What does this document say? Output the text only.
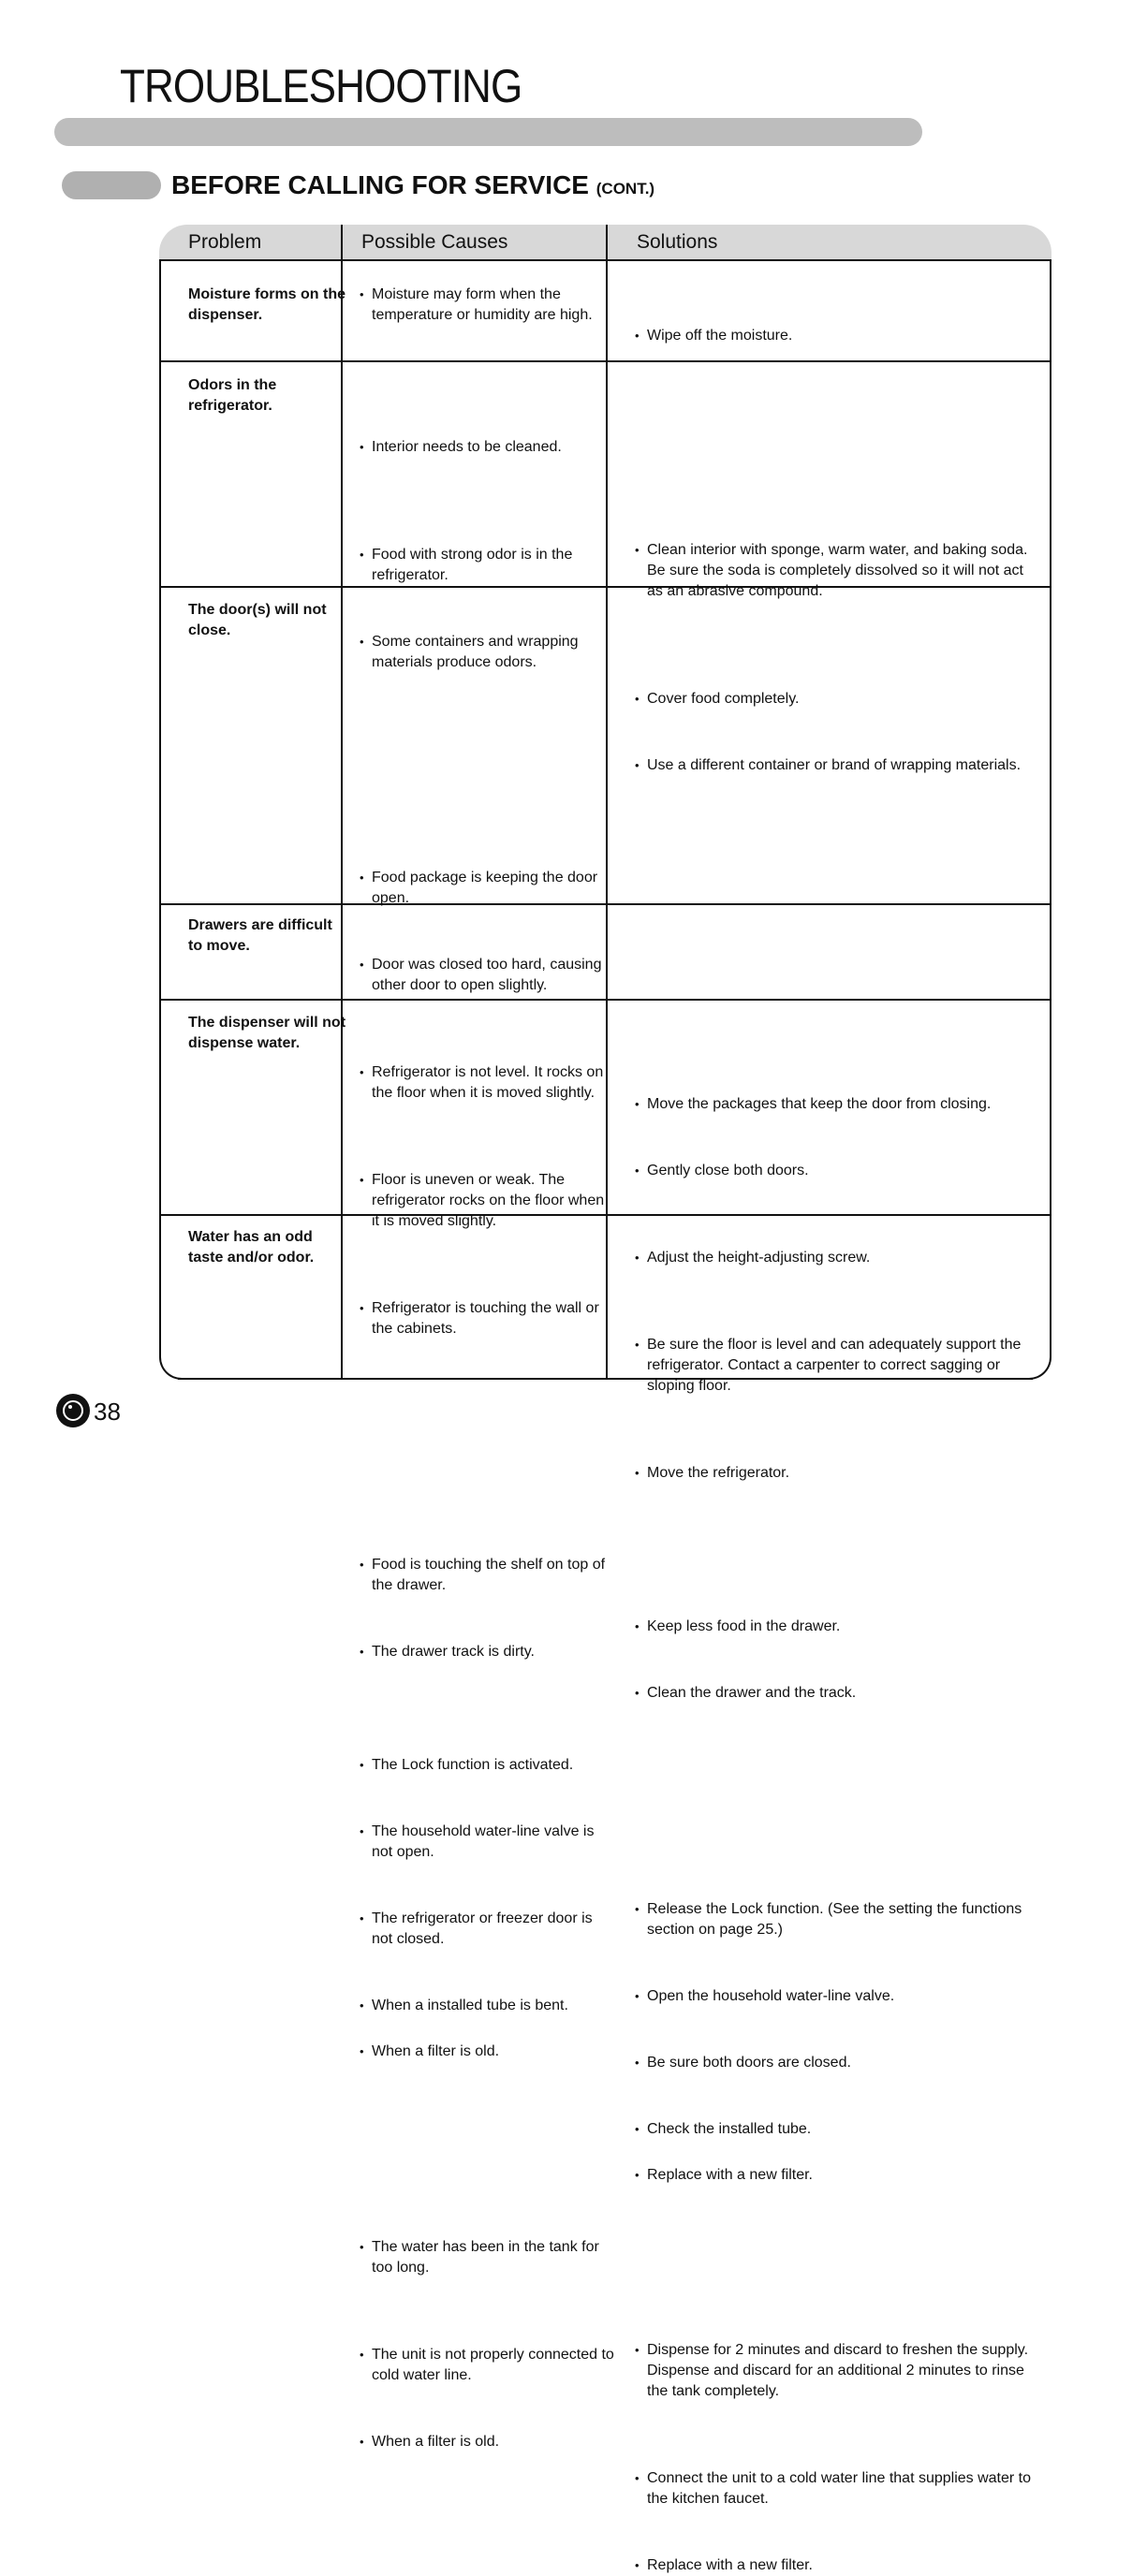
TROUBLESHOOTING
BEFORE CALLING FOR SERVICE (CONT.)
Problem	Possible Causes	Solutions
Moisture forms on the dispenser.
• Moisture may form when the temperature or humidity are high.
• Wipe off the moisture.
Odors in the refrigerator.
• Interior needs to be cleaned.
• Food with strong odor is in the refrigerator.
• Some containers and wrapping materials produce odors.
• Clean interior with sponge, warm water, and baking soda. Be sure the soda is completely dissolved so it will not act as an abrasive compound.
• Cover food completely.
• Use a different container or brand of wrapping materials.
The door(s) will not close.
• Food package is keeping the door open.
• Door was closed too hard, causing other door to open slightly.
• Refrigerator is not level. It rocks on the floor when it is moved slightly.
• Floor is uneven or weak. The refrigerator rocks on the floor when it is moved slightly.
• Refrigerator is touching the wall or the cabinets.
• Move the packages that keep the door from closing.
• Gently close both doors.
• Adjust the height-adjusting screw.
• Be sure the floor is level and can adequately support the refrigerator. Contact a carpenter to correct sagging or sloping floor.
• Move the refrigerator.
Drawers are difficult to move.
• Food is touching the shelf on top of the drawer.
• The drawer track is dirty.
• Keep less food in the drawer.
• Clean the drawer and the track.
The dispenser will not dispense water.
• The Lock function is activated.
• The household water-line valve is not open.
• The refrigerator or freezer door is not closed.
• When a installed tube is bent.
• When a filter is old.
• Release the Lock function. (See the setting the functions section on page 25.)
• Open the household water-line valve.
• Be sure both doors are closed.
• Check the installed tube.
• Replace with a new filter.
Water has an odd taste and/or odor.
• The water has been in the tank for too long.
• The unit is not properly connected to cold water line.
• When a filter is old.
• Dispense for 2 minutes and discard to freshen the supply. Dispense and discard for an additional 2 minutes to rinse the tank completely.
• Connect the unit to a cold water line that supplies water to the kitchen faucet.
• Replace with a new filter.
38
